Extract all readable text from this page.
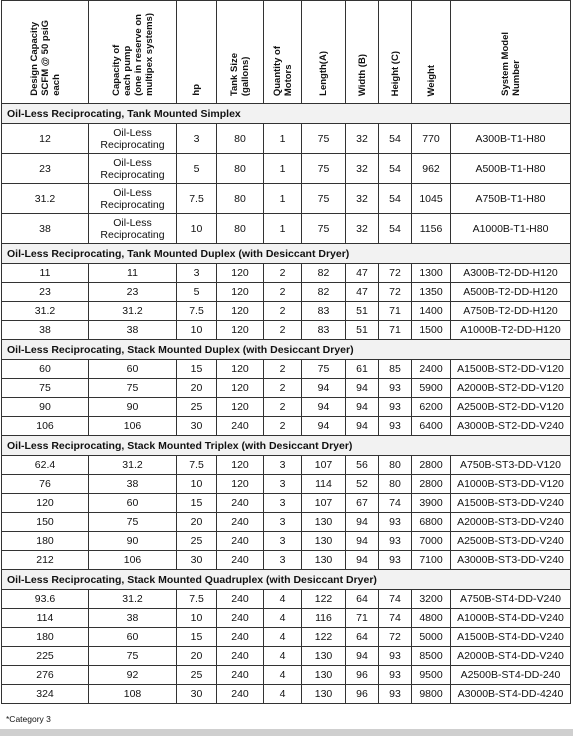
Design Capacity
SCFM @ 50 psiG
each	Capacity of
each pump
(one in reserve on
multipex systems)	hp	Tank Size
(gallons)	Quantity of
Motors	Length(A)	Width (B)	Height (C)	Weight	System Model
Number
Oil-Less Reciprocating, Tank Mounted Simplex									
12	Oil-Less
Reciprocating	3	80	1	75	32	54	770	A300B-T1-H80
23	Oil-Less
Reciprocating	5	80	1	75	32	54	962	A500B-T1-H80
31.2	Oil-Less
Reciprocating	7.5	80	1	75	32	54	1045	A750B-T1-H80
38	Oil-Less
Reciprocating	10	80	1	75	32	54	1156	A1000B-T1-H80
Oil-Less Reciprocating, Tank Mounted Duplex (with Desiccant Dryer)									
11	11	3	120	2	82	47	72	1300	A300B-T2-DD-H120
23	23	5	120	2	82	47	72	1350	A500B-T2-DD-H120
31.2	31.2	7.5	120	2	83	51	71	1400	A750B-T2-DD-H120
38	38	10	120	2	83	51	71	1500	A1000B-T2-DD-H120
Oil-Less Reciprocating, Stack Mounted Duplex (with Desiccant Dryer)									
60	60	15	120	2	75	61	85	2400	A1500B-ST2-DD-V120
75	75	20	120	2	94	94	93	5900	A2000B-ST2-DD-V120
90	90	25	120	2	94	94	93	6200	A2500B-ST2-DD-V120
106	106	30	240	2	94	94	93	6400	A3000B-ST2-DD-V240
Oil-Less Reciprocating, Stack Mounted Triplex (with Desiccant Dryer)									
62.4	31.2	7.5	120	3	107	56	80	2800	A750B-ST3-DD-V120
76	38	10	120	3	114	52	80	2800	A1000B-ST3-DD-V120
120	60	15	240	3	107	67	74	3900	A1500B-ST3-DD-V240
150	75	20	240	3	130	94	93	6800	A2000B-ST3-DD-V240
180	90	25	240	3	130	94	93	7000	A2500B-ST3-DD-V240
212	106	30	240	3	130	94	93	7100	A3000B-ST3-DD-V240
Oil-Less Reciprocating, Stack Mounted Quadruplex (with Desiccant Dryer)									
93.6	31.2	7.5	240	4	122	64	74	3200	A750B-ST4-DD-V240
114	38	10	240	4	116	71	74	4800	A1000B-ST4-DD-V240
180	60	15	240	4	122	64	72	5000	A1500B-ST4-DD-V240
225	75	20	240	4	130	94	93	8500	A2000B-ST4-DD-V240
276	92	25	240	4	130	96	93	9500	A2500B-ST4-DD-240
324	108	30	240	4	130	96	93	9800	A3000B-ST4-DD-4240
*Category 3
